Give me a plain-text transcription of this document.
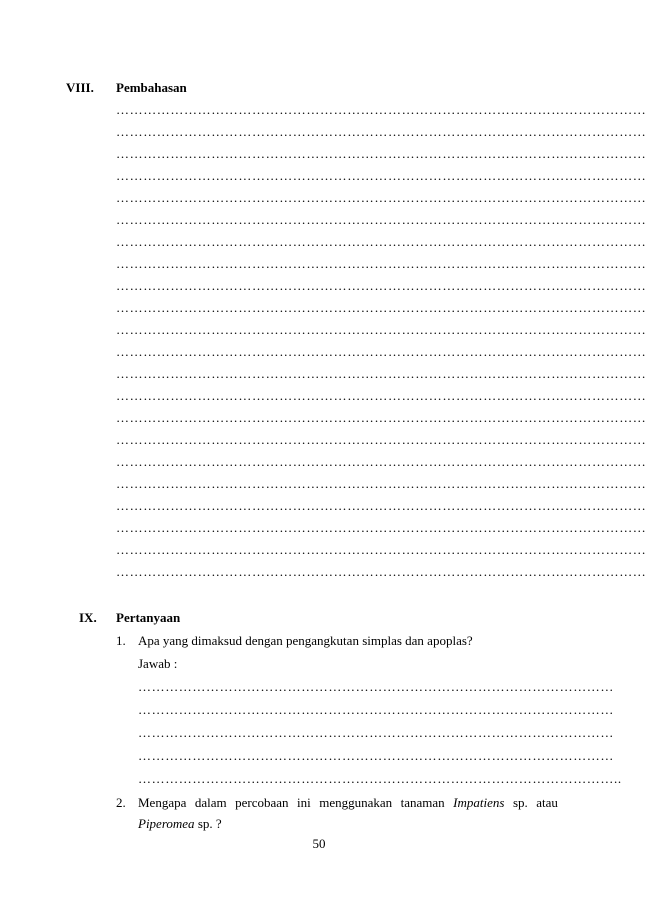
VIII. Pembahasan
………………………………………………………………………………………………………
………………………………………………………………………………………………………
………………………………………………………………………………………………………
………………………………………………………………………………………………………
………………………………………………………………………………………………………
………………………………………………………………………………………………………
………………………………………………………………………………………………………
………………………………………………………………………………………………………
………………………………………………………………………………………………………
………………………………………………………………………………………………………
………………………………………………………………………………………………………
………………………………………………………………………………………………………
………………………………………………………………………………………………………
………………………………………………………………………………………………………
………………………………………………………………………………………………………
………………………………………………………………………………………………………
………………………………………………………………………………………………………
………………………………………………………………………………………………………
………………………………………………………………………………………………………
………………………………………………………………………………………………………
………………………………………………………………………………………………………
………………………………………………………………………………………………………
IX. Pertanyaan
1. Apa yang dimaksud dengan pengangkutan simplas dan apoplas?
Jawab :
……………………………………………………………………………………………
……………………………………………………………………………………………
……………………………………………………………………………………………
……………………………………………………………………………………………
……………………………………………………………………………………………..
2. Mengapa dalam percobaan ini menggunakan tanaman Impatiens sp. atau
Piperomea sp. ?
50
